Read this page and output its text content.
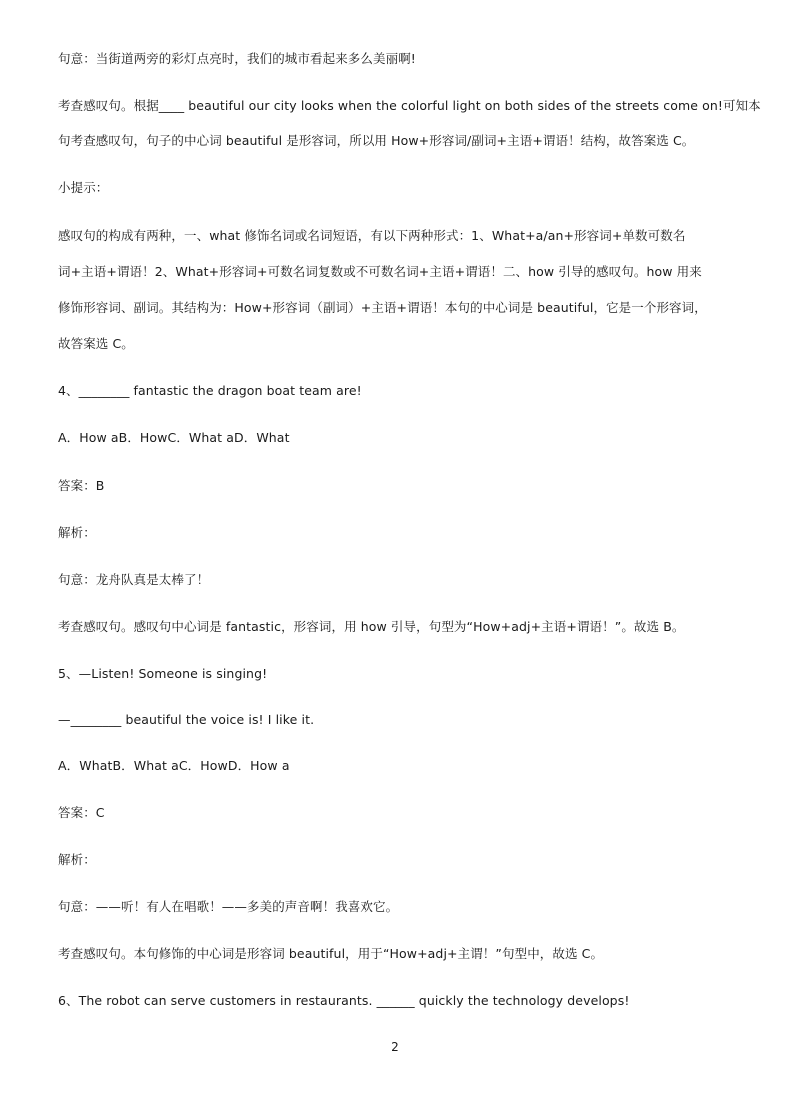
句意：当街道两旁的彩灯点亮时，我们的城市看起来多么美丽啊!
考查感叹句。根据____ beautiful our city looks when the colorful light on both sides of the streets come on!可知本
句考查感叹句，句子的中心词 beautiful 是形容词，所以用 How+形容词/副词+主语+谓语！结构，故答案选 C。
小提示：
感叹句的构成有两种，一、what 修饰名词或名词短语，有以下两种形式：1、What+a/an+形容词+单数可数名
词+主语+谓语！2、What+形容词+可数名词复数或不可数名词+主语+谓语！二、how 引导的感叹句。how 用来
修饰形容词、副词。其结构为：How+形容词（副词）+主语+谓语！本句的中心词是 beautiful，它是一个形容词，
故答案选 C。
4、________ fantastic the dragon boat team are!
A．How aB．HowC．What aD．What
答案：B
解析：
句意：龙舟队真是太棒了！
考查感叹句。感叹句中心词是 fantastic，形容词，用 how 引导，句型为“How+adj+主语+谓语！”。故选 B。
5、—Listen! Someone is singing!
—________ beautiful the voice is! I like it.
A．WhatB．What aC．HowD．How a
答案：C
解析：
句意：——听！有人在唱歌！——多美的声音啊！我喜欢它。
考查感叹句。本句修饰的中心词是形容词 beautiful，用于“How+adj+主谓！”句型中，故选 C。
6、The robot can serve customers in restaurants. ______ quickly the technology develops!
2
